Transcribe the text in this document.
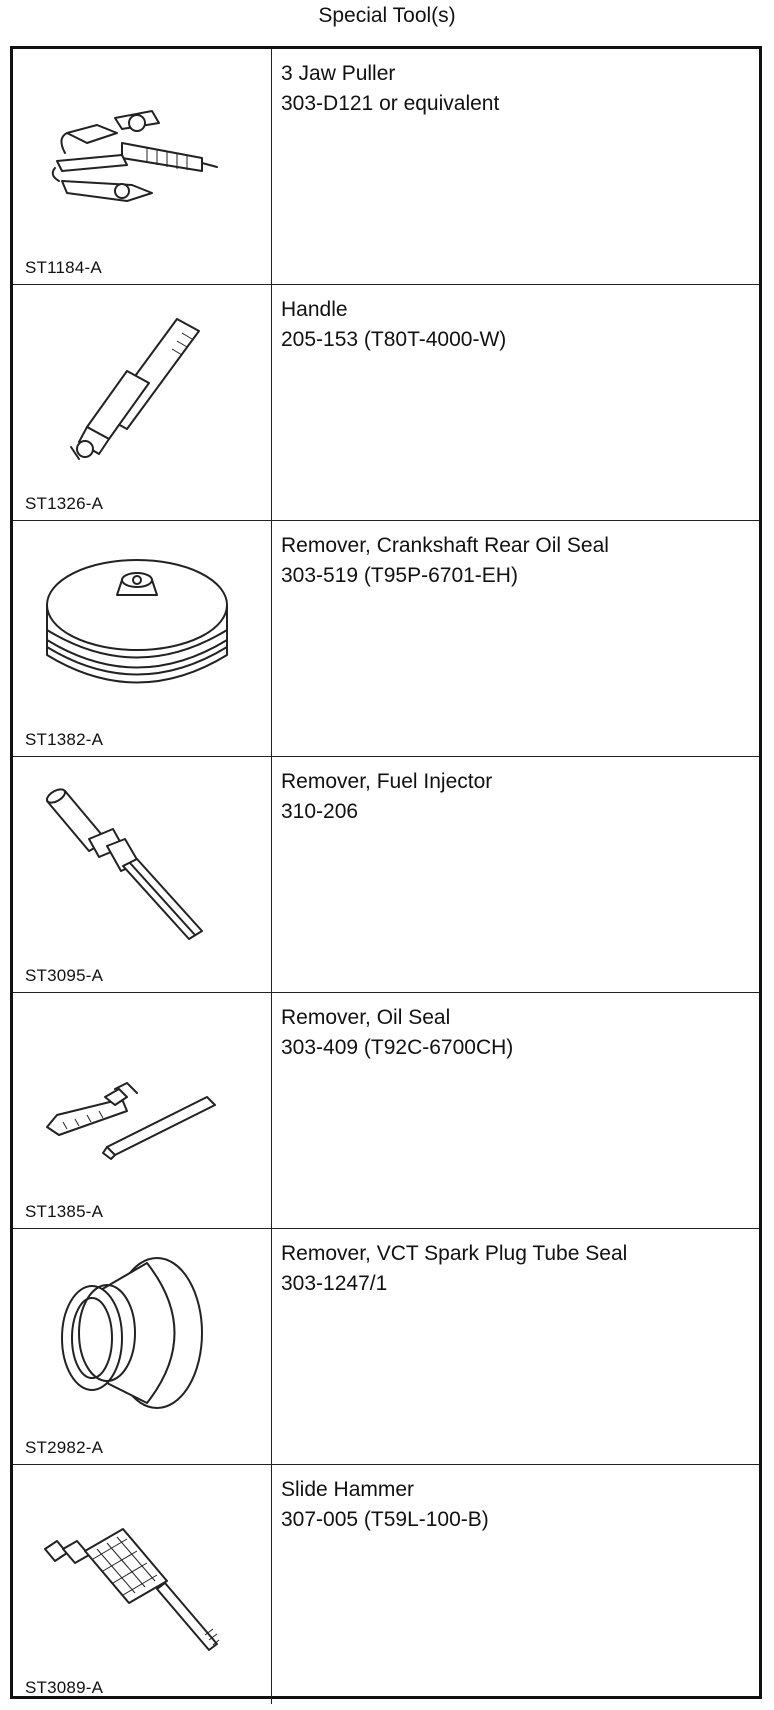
Special Tool(s)
ST1184-A
3 Jaw Puller
303-D121 or equivalent
ST1326-A
Handle
205-153 (T80T-4000-W)
ST1382-A
Remover, Crankshaft Rear Oil Seal
303-519 (T95P-6701-EH)
ST3095-A
Remover, Fuel Injector
310-206
ST1385-A
Remover, Oil Seal
303-409 (T92C-6700CH)
ST2982-A
Remover, VCT Spark Plug Tube Seal
303-1247/1
ST3089-A
Slide Hammer
307-005 (T59L-100-B)
